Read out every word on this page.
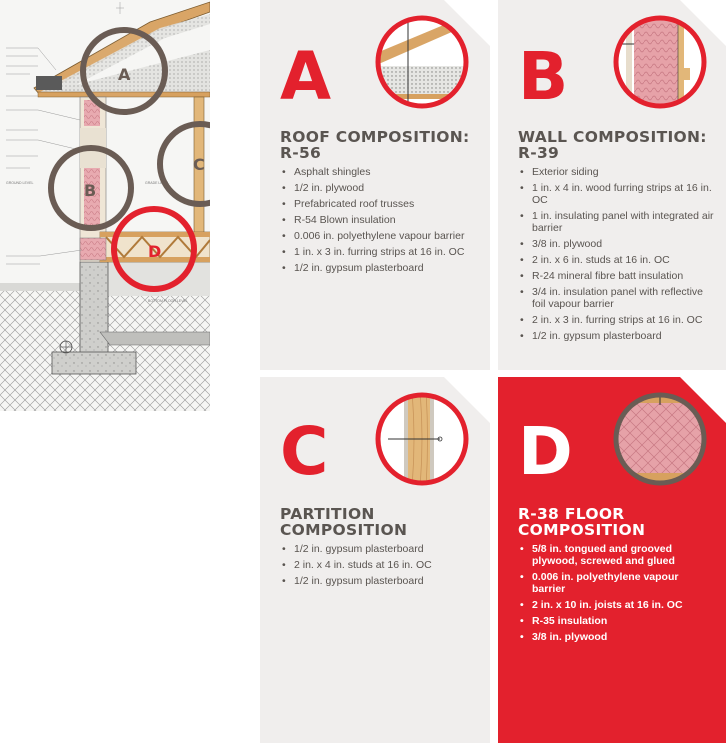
GROUND LEVEL	GRADE LEVEL
BOTTOM FLOOR LEVEL
A
B
C
D
A
ROOF COMPOSITION:
R-56
• Asphalt shingles
• 1/2 in. plywood
• Prefabricated roof trusses
• R-54 Blown insulation
• 0.006 in. polyethylene vapour barrier
• 1 in. x 3 in. furring strips at 16 in. OC
• 1/2 in. gypsum plasterboard
B
WALL COMPOSITION:
R-39
• Exterior siding
• 1 in. x 4 in. wood furring strips at 16 in. OC
• 1 in. insulating panel with integrated air barrier
• 3/8 in. plywood
• 2 in. x 6 in. studs at 16 in. OC
• R-24 mineral fibre batt insulation
• 3/4 in. insulation panel with reflective foil vapour barrier
• 2 in. x 3 in. furring strips at 16 in. OC
• 1/2 in. gypsum plasterboard
C
PARTITION
COMPOSITION
• 1/2 in. gypsum plasterboard
• 2 in. x 4 in. studs at 16 in. OC
• 1/2 in. gypsum plasterboard
D
R-38 FLOOR
COMPOSITION
• 5/8 in. tongued and grooved plywood, screwed and glued
• 0.006 in. polyethylene vapour barrier
• 2 in. x 10 in. joists at 16 in. OC
• R-35 insulation
• 3/8 in. plywood
